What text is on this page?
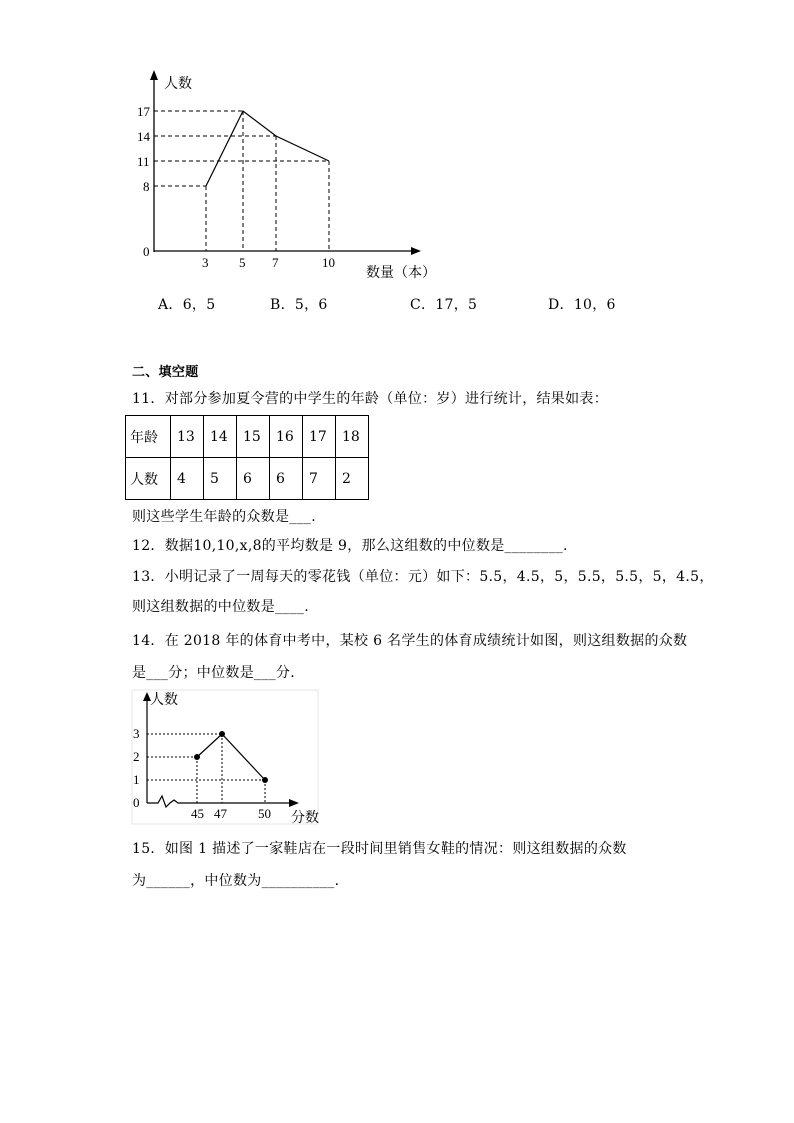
人数
17
14
11
8
0
3 5 7	10
数量（本）
A．6，5	B．5，6	C．17，5	D．10，6
二、填空题
11．对部分参加夏令营的中学生的年龄（单位：岁）进行统计，结果如表：
年龄	13	14	15	16	17	18
人数	4	5	6	6	7	2
则这些学生年龄的众数是___.
12．数据10,10,x,8的平均数是 9，那么这组数的中位数是________.
13．小明记录了一周每天的零花钱（单位：元）如下：5.5，4.5，5，5.5，5.5，5，4.5，
则这组数据的中位数是____.
14．在 2018 年的体育中考中，某校 6 名学生的体育成绩统计如图，则这组数据的众数
是___分；中位数是___分.
人数
3
2
1
0
45 47 50 分数
15．如图 1 描述了一家鞋店在一段时间里销售女鞋的情况：则这组数据的众数
为______，中位数为__________.
